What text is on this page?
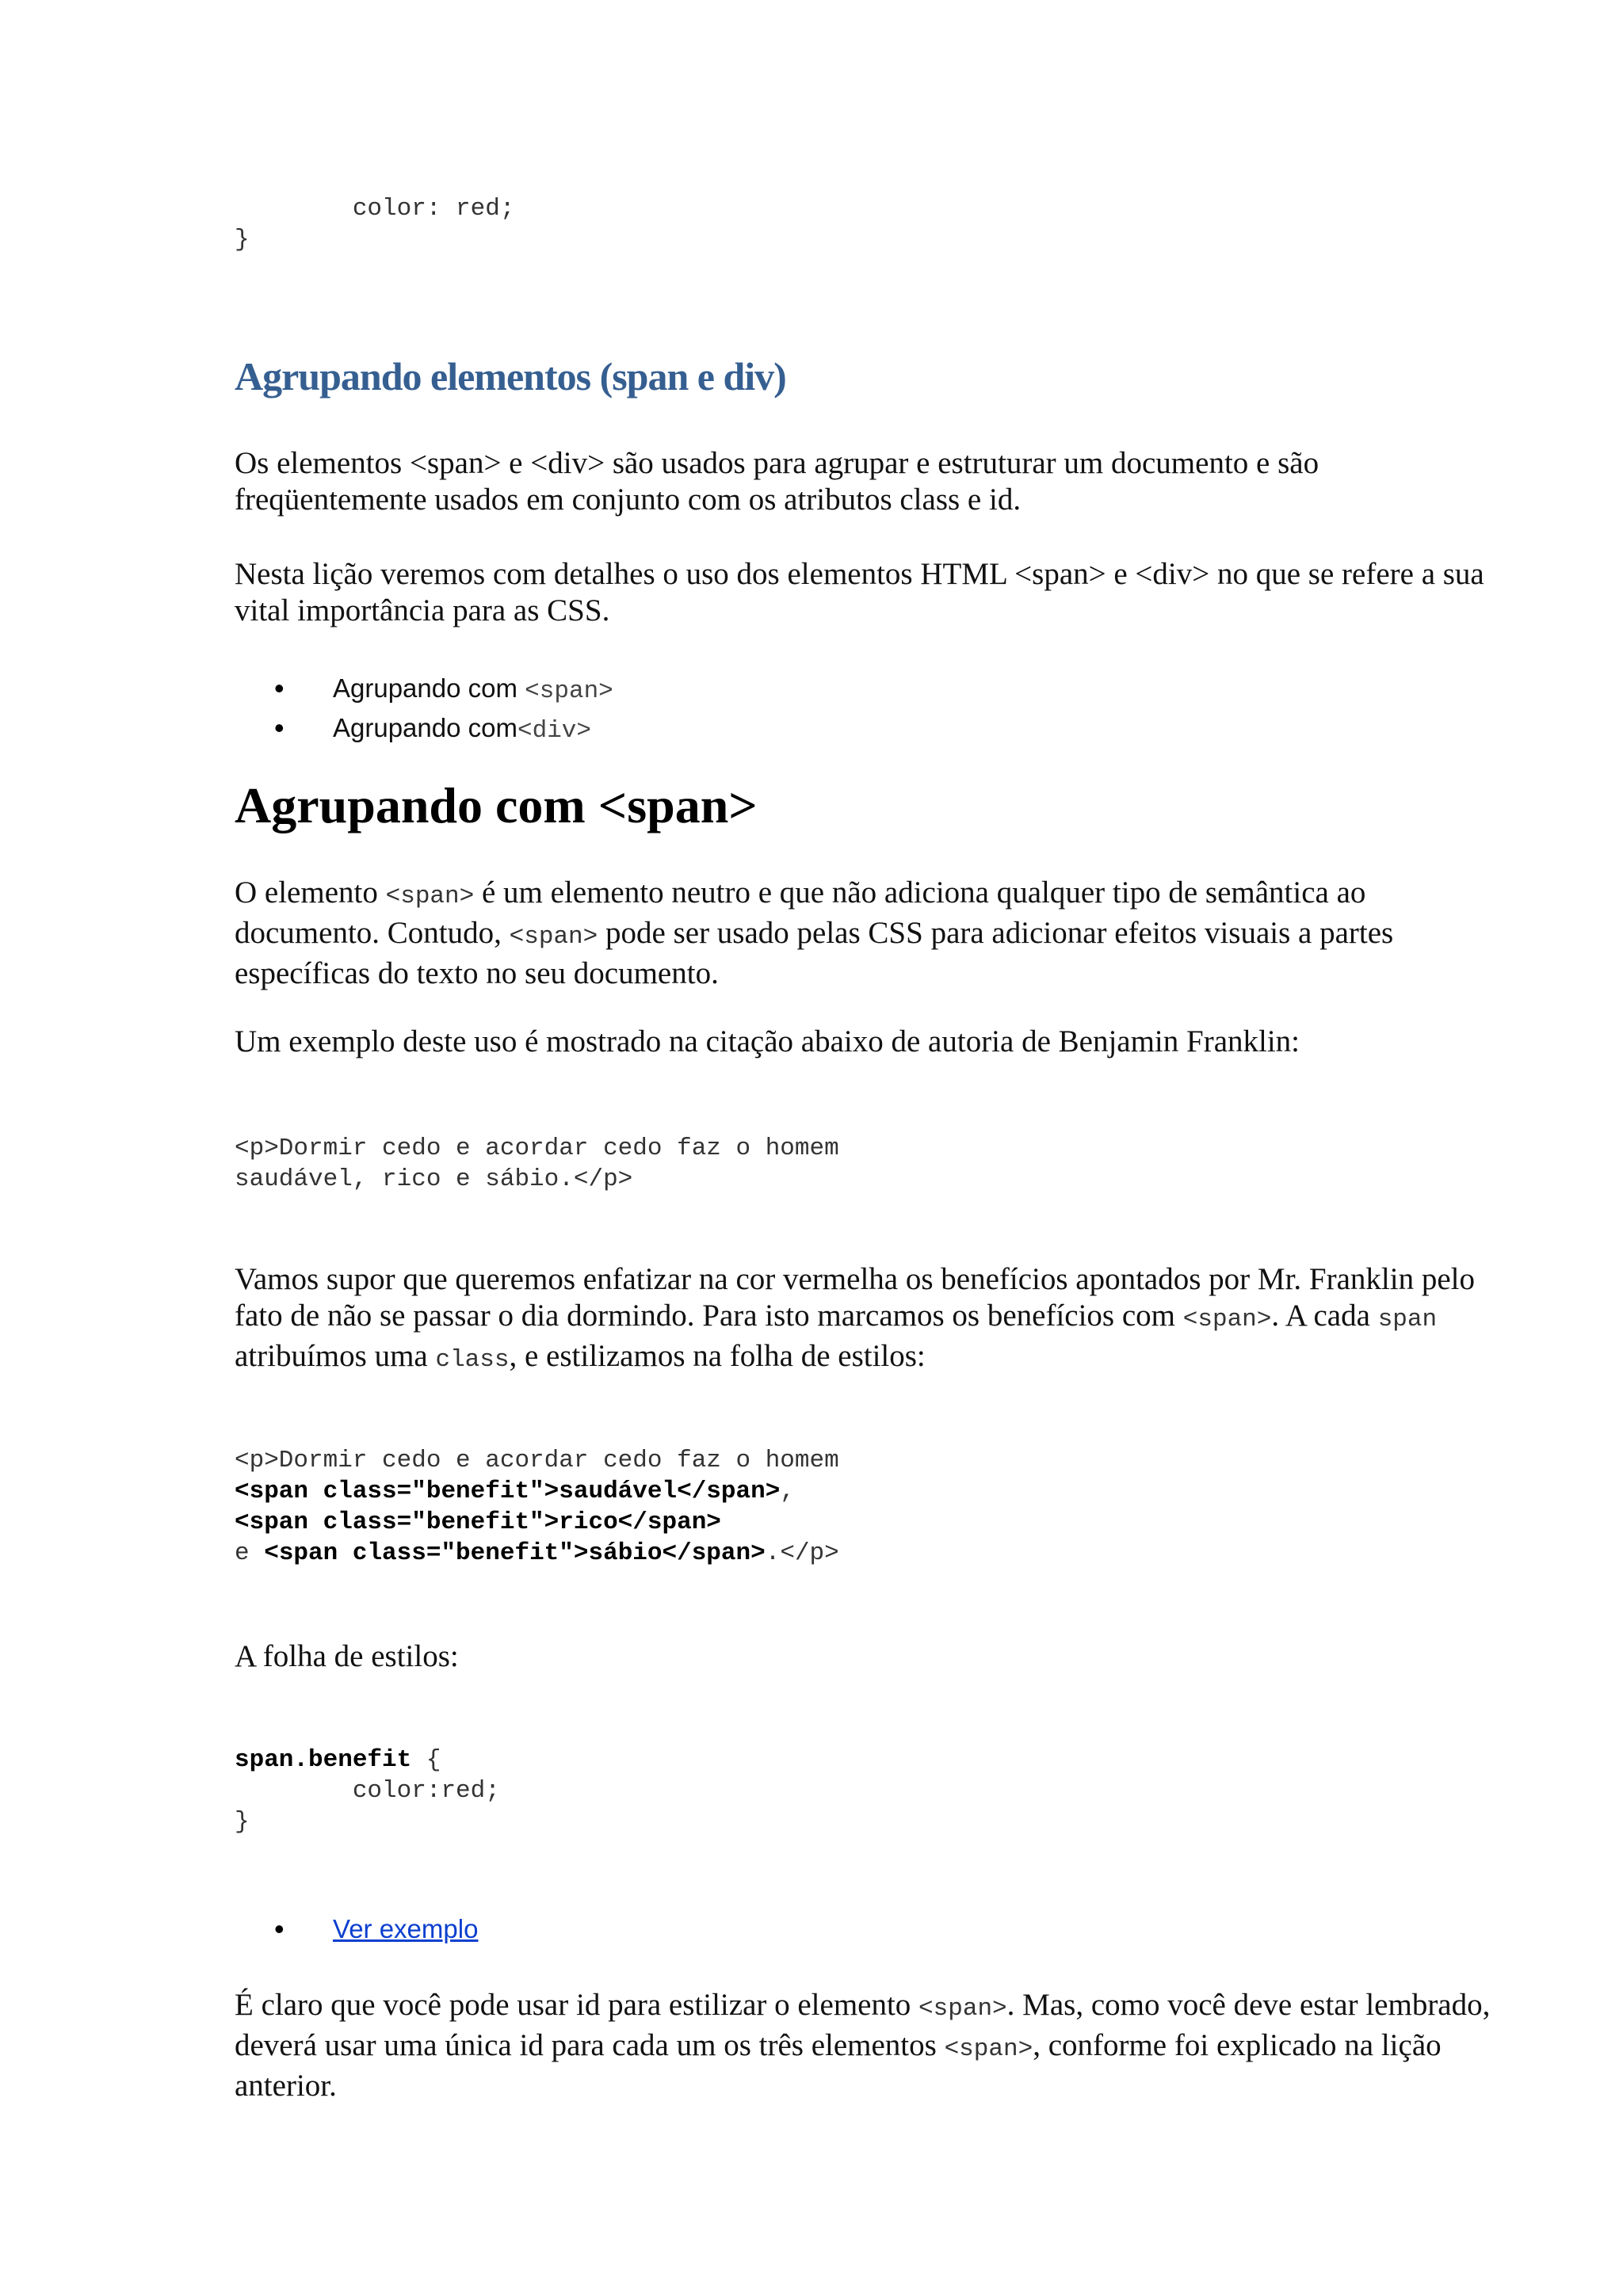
color: red;
}
Agrupando elementos (span e div)

Os elementos <span> e <div> são usados para agrupar e estruturar um documento e são freqüentemente usados em conjunto com os atributos class e id.

Nesta lição veremos com detalhes o uso dos elementos HTML <span> e <div> no que se refere a sua vital importância para as CSS.

• Agrupando com <span>
• Agrupando com<div>
Agrupando com <span>

O elemento <span> é um elemento neutro e que não adiciona qualquer tipo de semântica ao documento. Contudo, <span> pode ser usado pelas CSS para adicionar efeitos visuais a partes específicas do texto no seu documento.

Um exemplo deste uso é mostrado na citação abaixo de autoria de Benjamin Franklin:

<p>Dormir cedo e acordar cedo faz o homem
saudável, rico e sábio.</p>

Vamos supor que queremos enfatizar na cor vermelha os benefícios apontados por Mr. Franklin pelo fato de não se passar o dia dormindo. Para isto marcamos os benefícios com <span>. A cada span atribuímos uma class, e estilizamos na folha de estilos:

<p>Dormir cedo e acordar cedo faz o homem
<span class="benefit">saudável</span>,
<span class="benefit">rico</span>
e <span class="benefit">sábio</span>.</p>

A folha de estilos:

span.benefit {
color:red;
}
• Ver exemplo

É claro que você pode usar id para estilizar o elemento <span>. Mas, como você deve estar lembrado, deverá usar uma única id para cada um os três elementos <span>, conforme foi explicado na lição anterior.
